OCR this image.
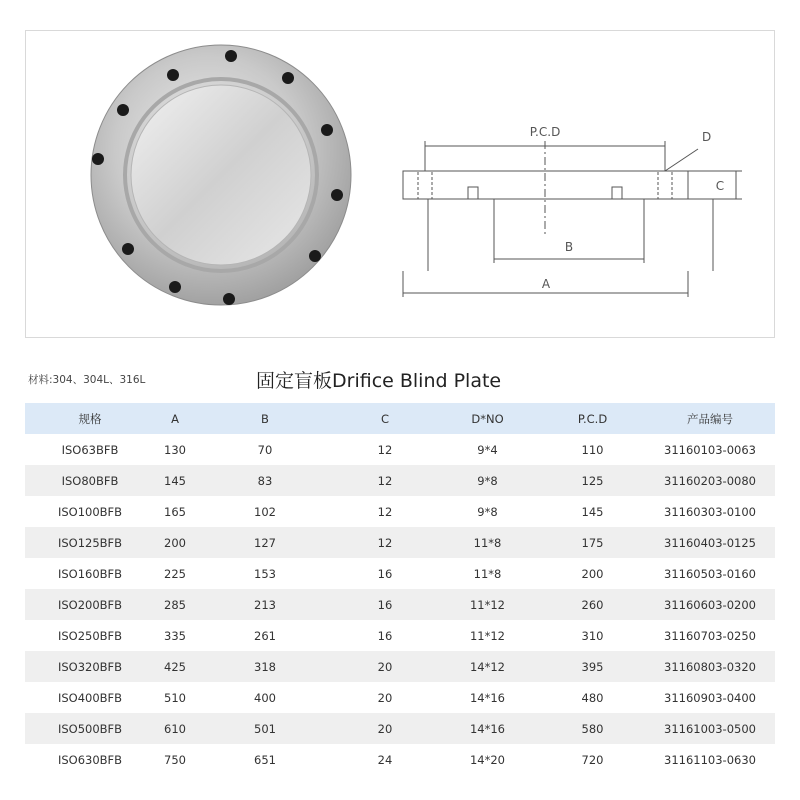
P.C.D	D
C
B
A
材料:304、304L、316L	固定盲板Drifice Blind Plate
规格	A	B	C	D*NO	P.C.D	产品编号
ISO63BFB	130	70	12	9*4	110	31160103-0063
ISO80BFB	145	83	12	9*8	125	31160203-0080
ISO100BFB	165	102	12	9*8	145	31160303-0100
ISO125BFB	200	127	12	11*8	175	31160403-0125
ISO160BFB	225	153	16	11*8	200	31160503-0160
ISO200BFB	285	213	16	11*12	260	31160603-0200
ISO250BFB	335	261	16	11*12	310	31160703-0250
ISO320BFB	425	318	20	14*12	395	31160803-0320
ISO400BFB	510	400	20	14*16	480	31160903-0400
ISO500BFB	610	501	20	14*16	580	31161003-0500
ISO630BFB	750	651	24	14*20	720	31161103-0630
